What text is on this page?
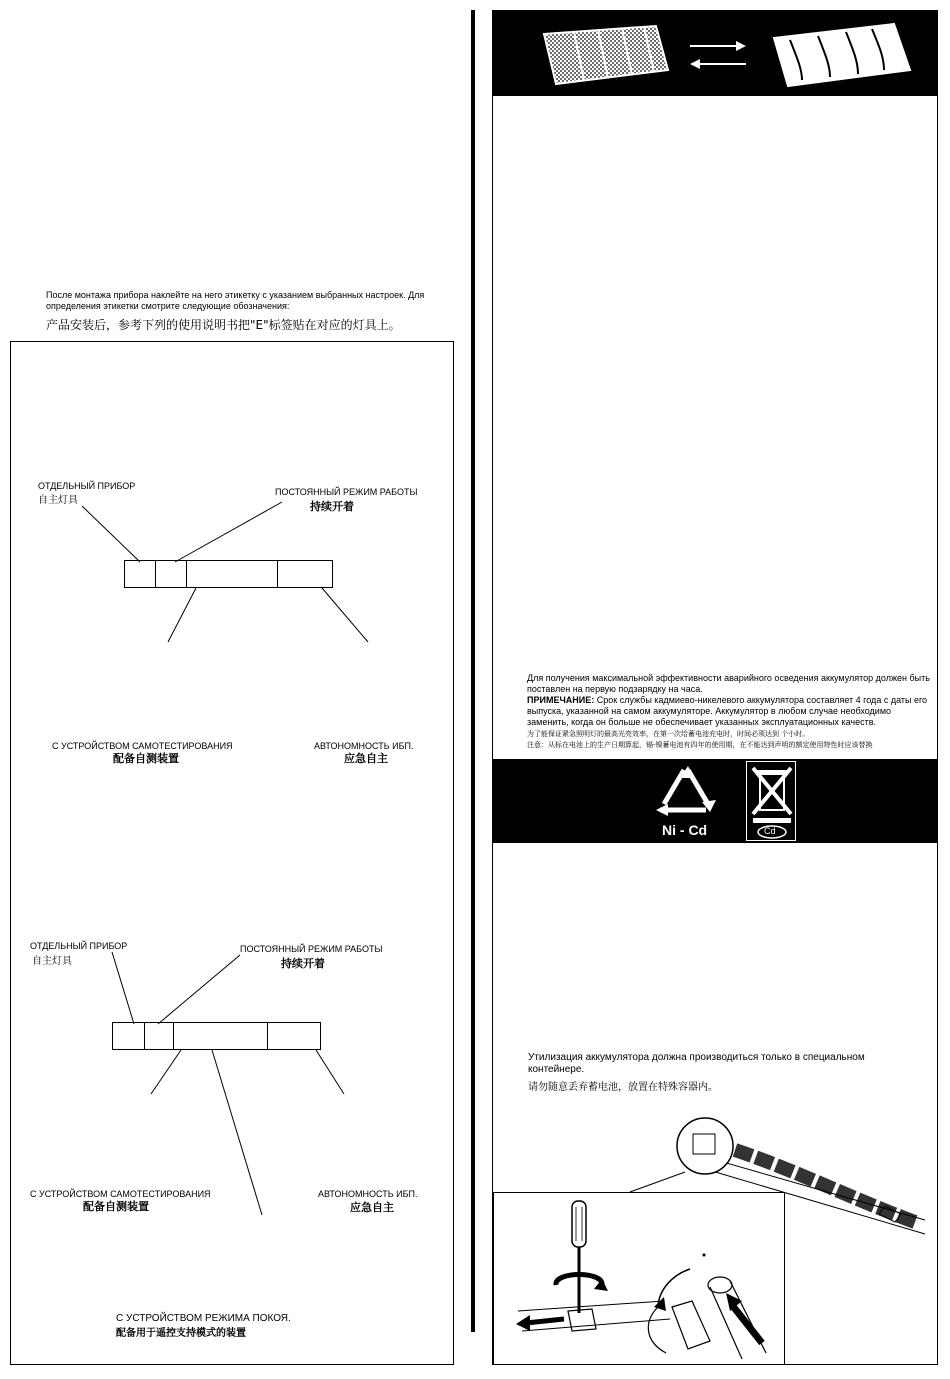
После монтажа прибора наклейте на него этикетку с указанием выбранных настроек. Для определения этикетки смотрите следующие обозначения:
产品安装后，参考下列的使用说明书把"E"标签贴在对应的灯具上。
ОТДЕЛЬНЫЙ ПРИБОР
自主灯具
ПОСТОЯННЫЙ РЕЖИМ РАБОТЫ
持续开着
С УСТРОЙСТВОМ САМОТЕСТИРОВАНИЯ
配备自测装置
АВТОНОМНОСТЬ ИБП.
应急自主
ОТДЕЛЬНЫЙ ПРИБОР
自主灯具
ПОСТОЯННЫЙ РЕЖИМ РАБОТЫ
持续开着
С УСТРОЙСТВОМ САМОТЕСТИРОВАНИЯ
配备自测装置
АВТОНОМНОСТЬ ИБП.
应急自主
С УСТРОЙСТВОМ РЕЖИМА ПОКОЯ.
配备用于遥控支持模式的装置
Для получения максимальной эффективности аварийного осведения аккумулятор должен быть поставлен на первую подзарядку на часа.
ПРИМЕЧАНИЕ: Срок службы кадмиево-никелевого аккумулятора составляет 4 года с даты его выпуска, указанной на самом аккумуляторе. Аккумулятор в любом случае необходимо заменить, когда он больше не обеспечивает указанных эксплуатационных качеств.
为了能保证紧急照明灯的最高光亮效率，在第一次给蓄电池充电时，时间必须达到 个小时。
注意：从标在电池上的生产日期算起，镉-镍蓄电池有四年的使用期，在不能达到声明的额定使用特性时应该替换
Ni - Cd	Cd
Утилизация аккумулятора должна производиться только в специальном контейнере.
请勿随意丢弃蓄电池，放置在特殊容器内。
